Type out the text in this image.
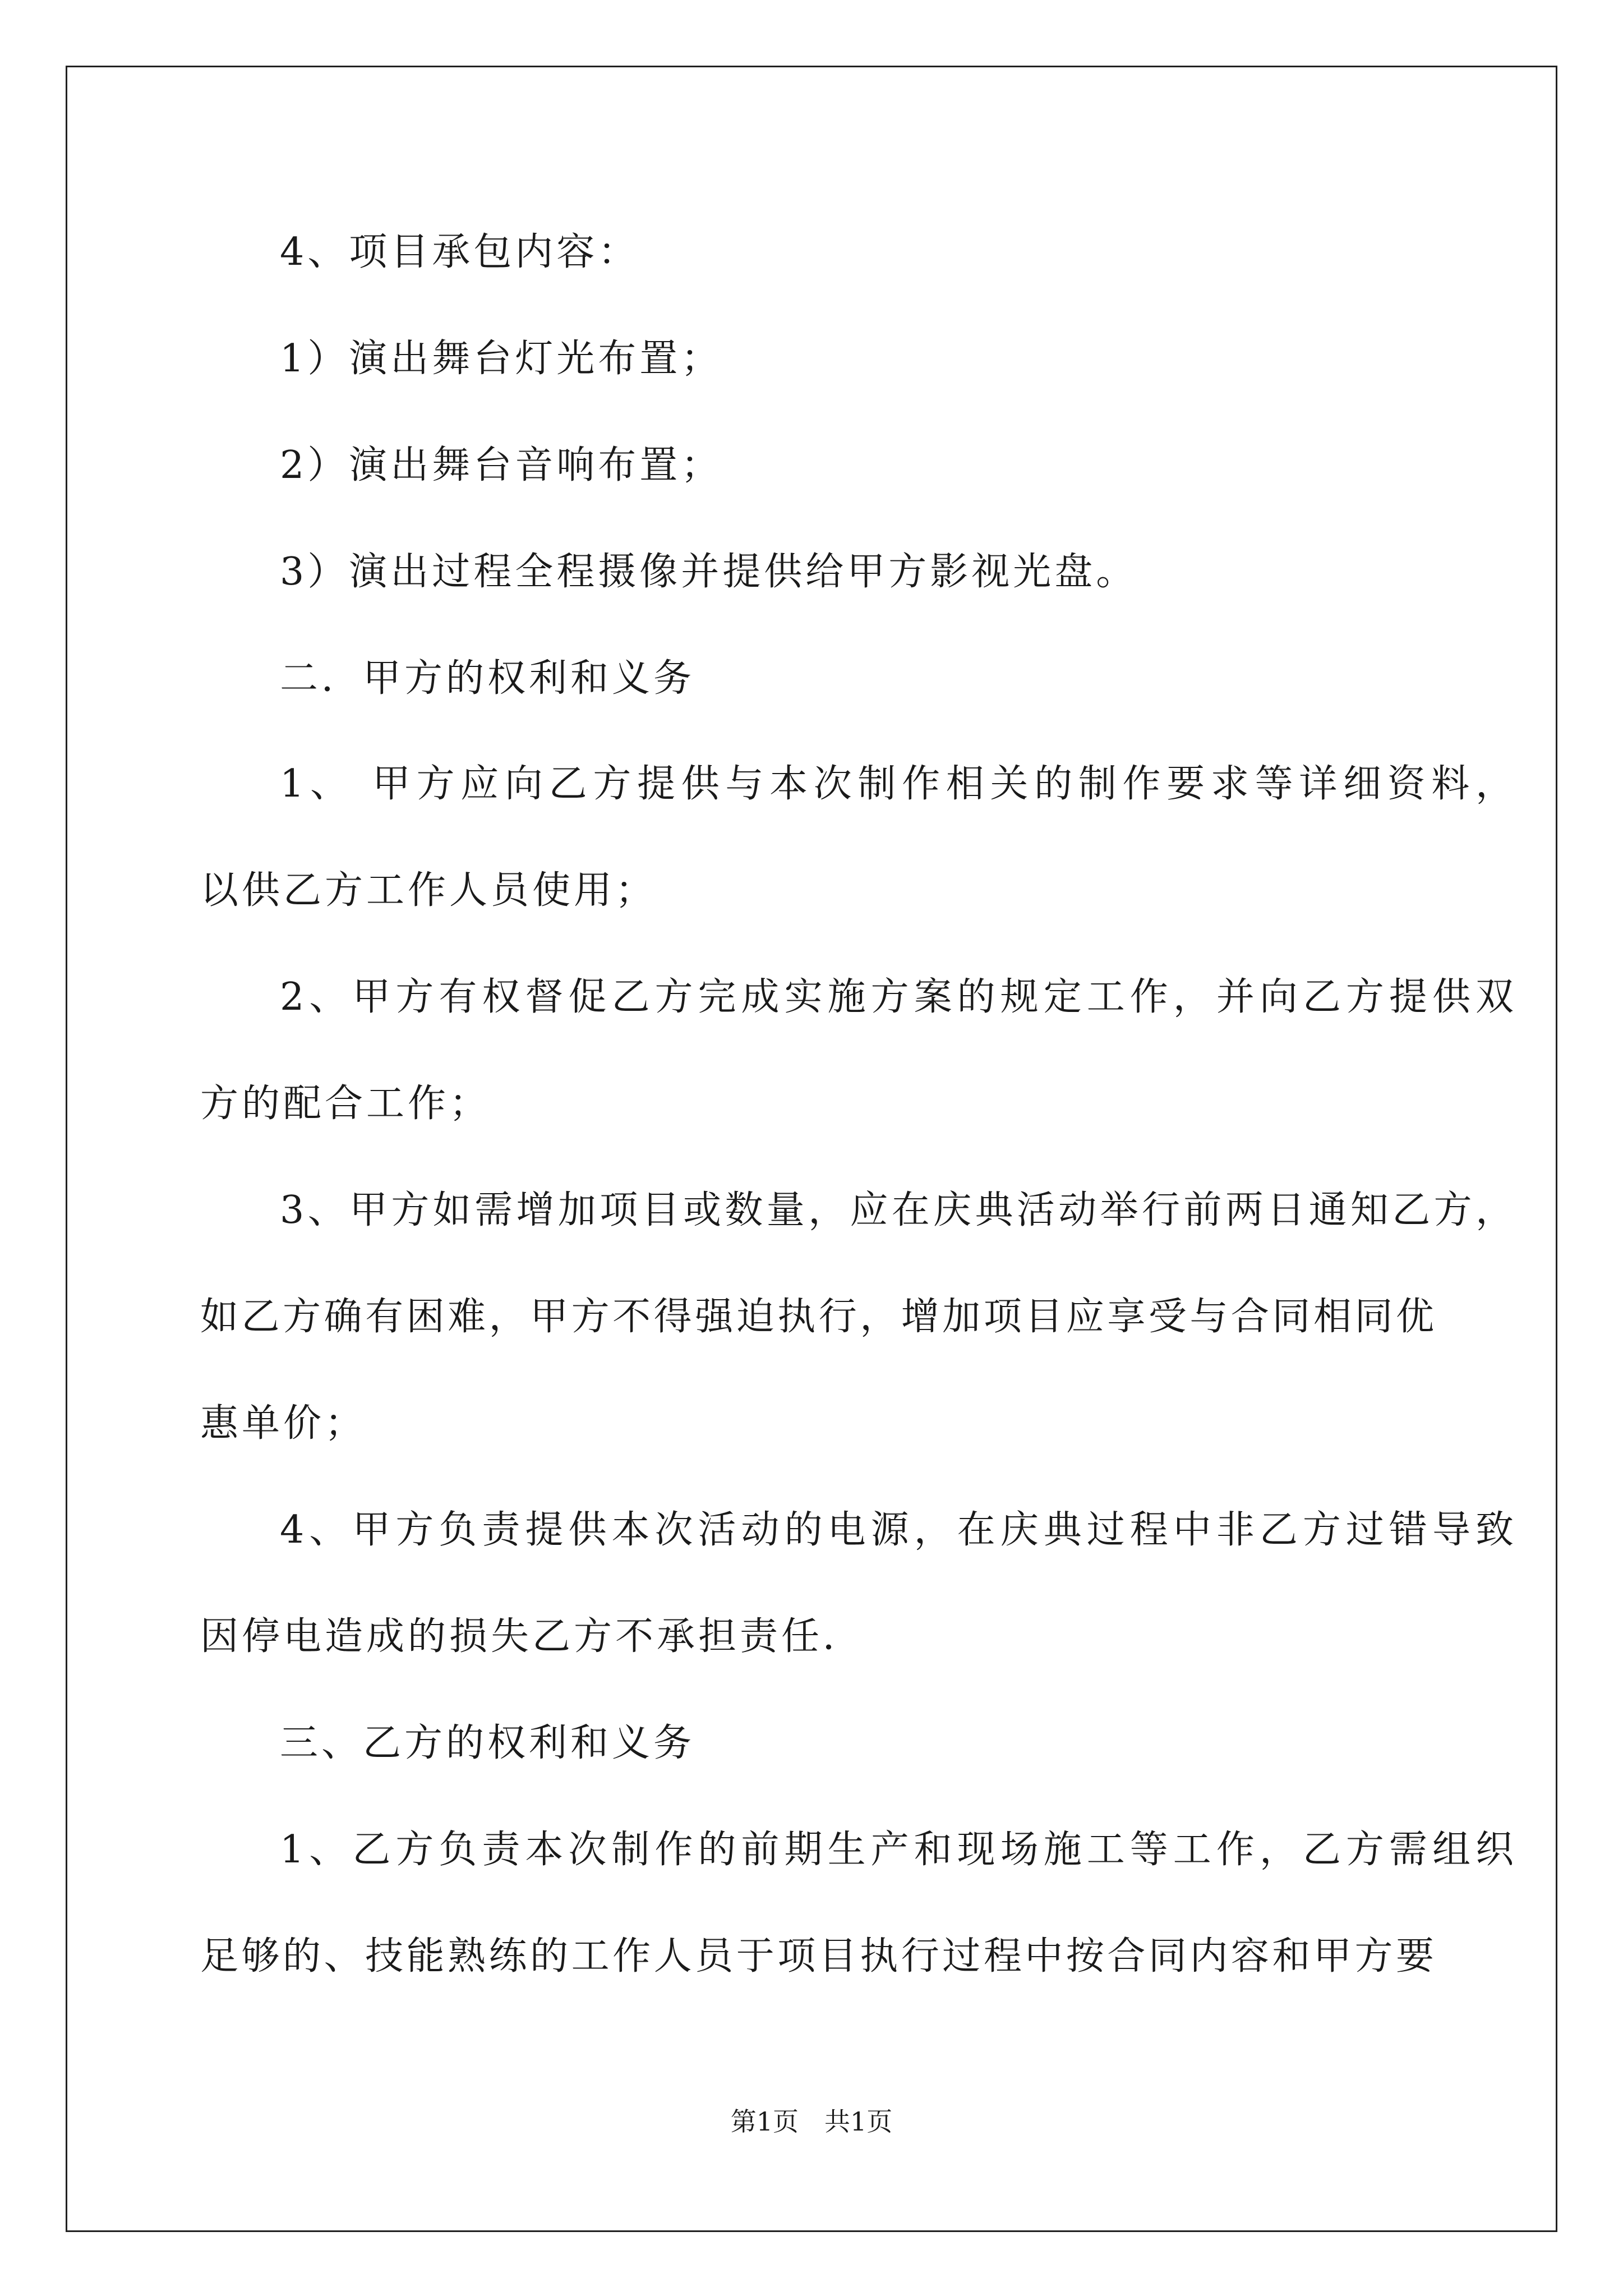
4、项目承包内容：
1）演出舞台灯光布置；
2）演出舞台音响布置；
3）演出过程全程摄像并提供给甲方影视光盘。
二．甲方的权利和义务
1、 甲方应向乙方提供与本次制作相关的制作要求等详细资料，
以供乙方工作人员使用；
2、甲方有权督促乙方完成实施方案的规定工作，并向乙方提供双
方的配合工作；
3、甲方如需增加项目或数量，应在庆典活动举行前两日通知乙方，
如乙方确有困难，甲方不得强迫执行，增加项目应享受与合同相同优
惠单价；
4、甲方负责提供本次活动的电源，在庆典过程中非乙方过错导致
因停电造成的损失乙方不承担责任．
三、乙方的权利和义务
1、乙方负责本次制作的前期生产和现场施工等工作，乙方需组织
足够的、技能熟练的工作人员于项目执行过程中按合同内容和甲方要
第1页　共1页
